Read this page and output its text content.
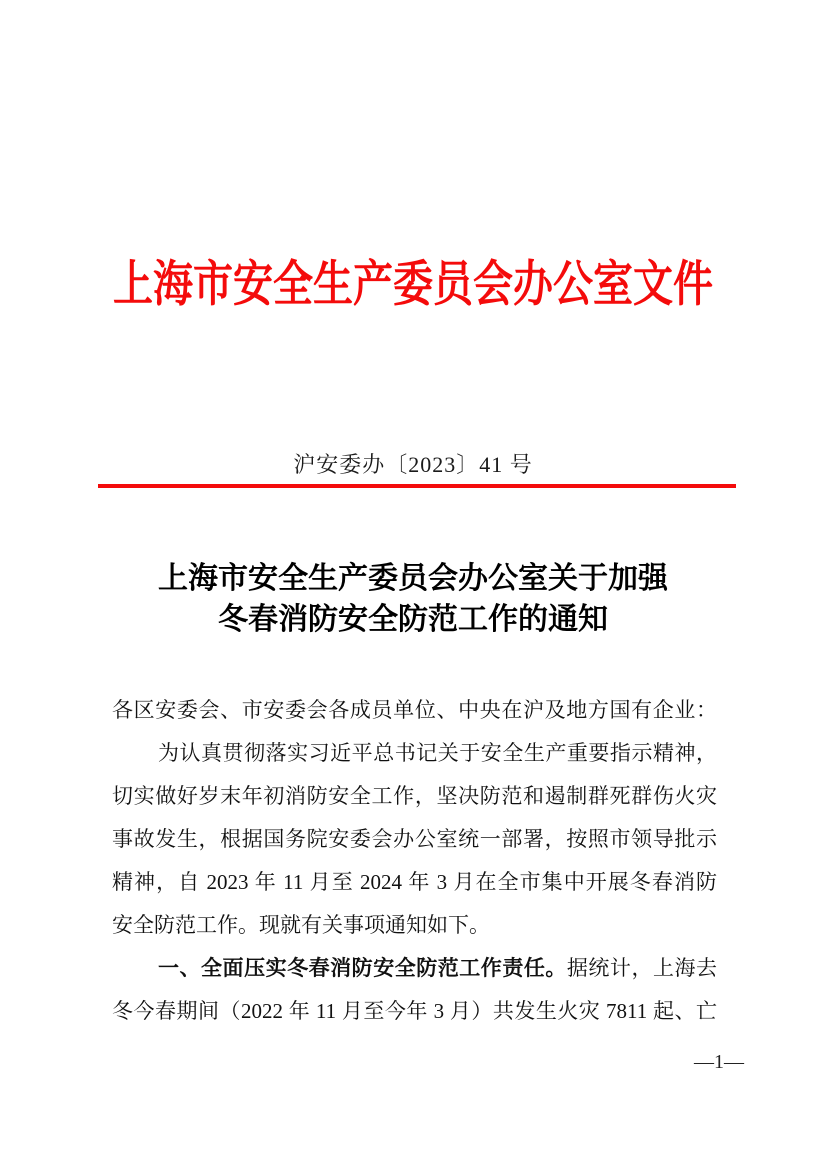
上海市安全生产委员会办公室文件
沪安委办〔2023〕41 号
上海市安全生产委员会办公室关于加强
冬春消防安全防范工作的通知
各区安委会、市安委会各成员单位、中央在沪及地方国有企业：
为认真贯彻落实习近平总书记关于安全生产重要指示精神，
切实做好岁末年初消防安全工作，坚决防范和遏制群死群伤火灾
事故发生，根据国务院安委会办公室统一部署，按照市领导批示
精神，自 2023 年 11 月至 2024 年 3 月在全市集中开展冬春消防
安全防范工作。现就有关事项通知如下。
一、全面压实冬春消防安全防范工作责任。据统计，上海去
冬今春期间（2022 年 11 月至今年 3 月）共发生火灾 7811 起、亡
—1—
